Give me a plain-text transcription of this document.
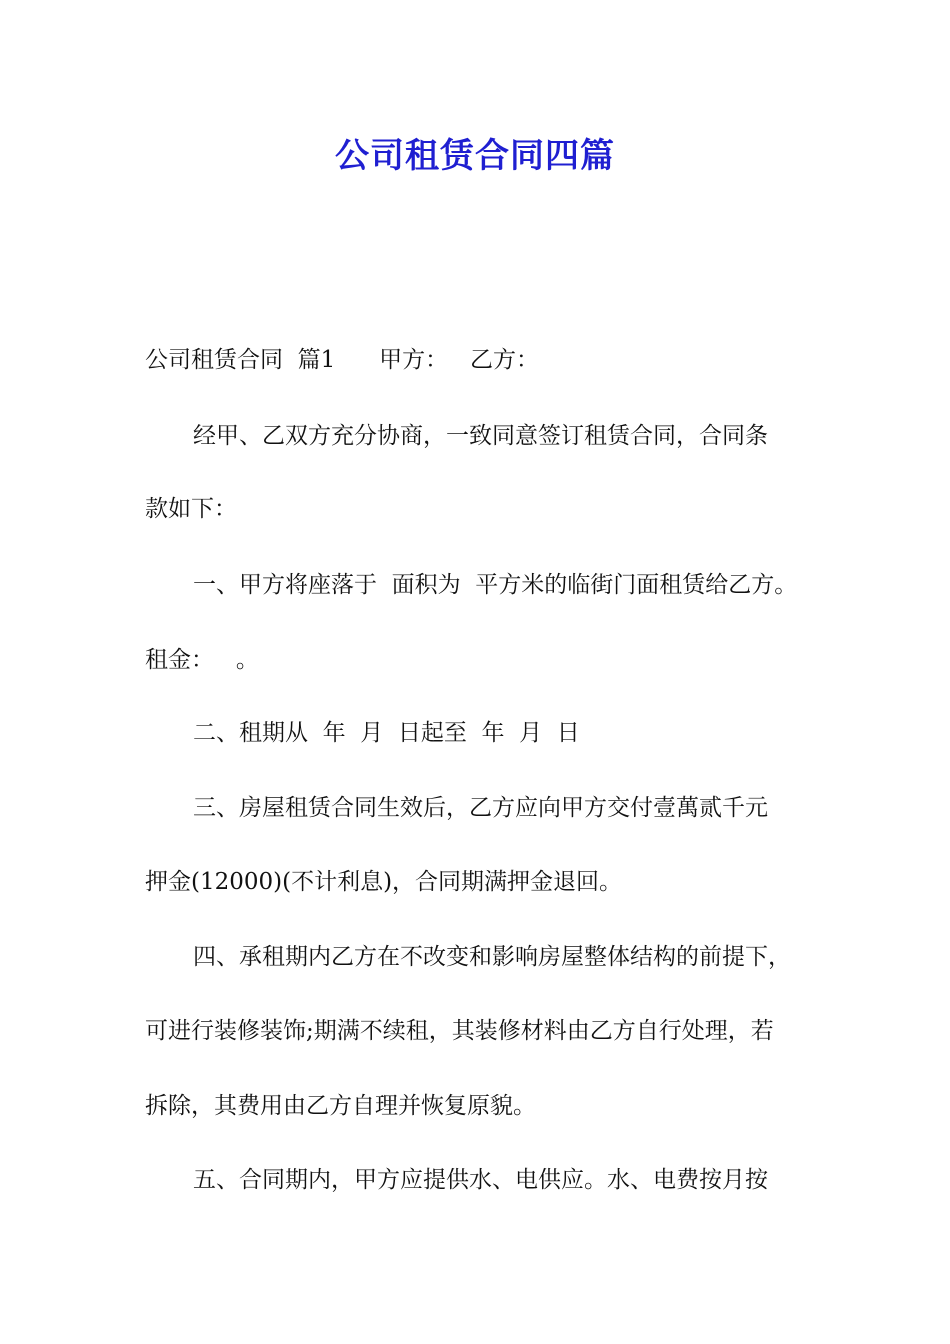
公司租赁合同四篇
公司租赁合同  篇1      甲方：   乙方：
经甲、乙双方充分协商，一致同意签订租赁合同，合同条
款如下：
一、甲方将座落于  面积为  平方米的临街门面租赁给乙方。
租金：   。
二、租期从  年  月  日起至  年  月  日
三、房屋租赁合同生效后，乙方应向甲方交付壹萬贰千元
押金(12000)(不计利息)，合同期满押金退回。
四、承租期内乙方在不改变和影响房屋整体结构的前提下，
可进行装修装饰;期满不续租，其装修材料由乙方自行处理，若
拆除，其费用由乙方自理并恢复原貌。
五、合同期内，甲方应提供水、电供应。水、电费按月按
